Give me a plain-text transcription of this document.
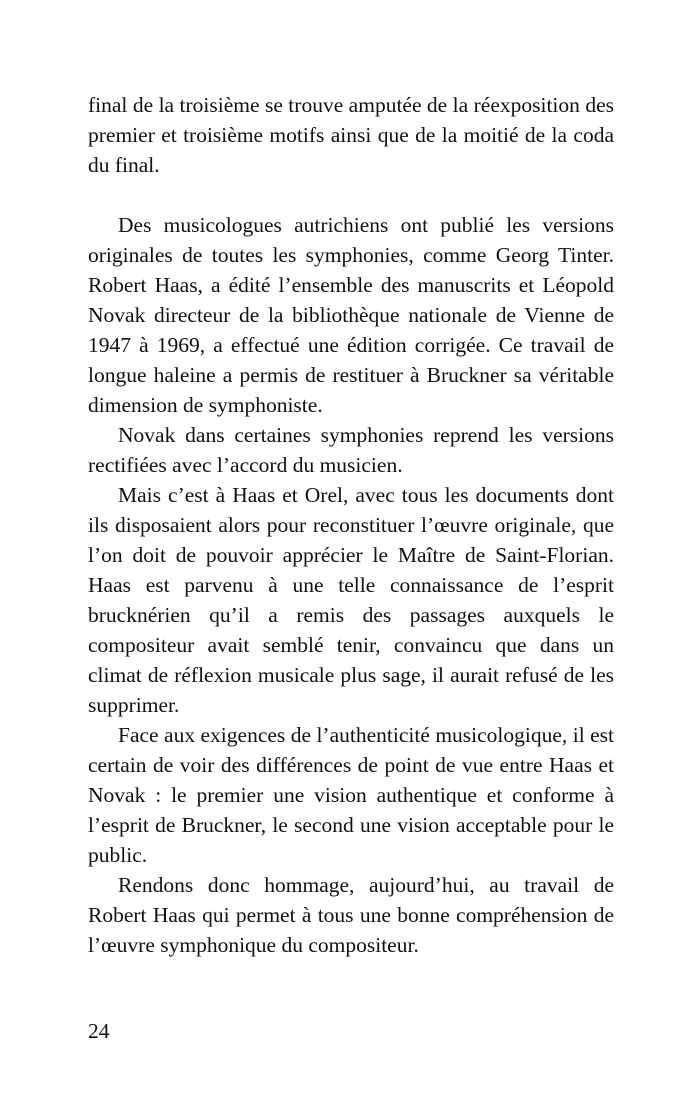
final de la troisième se trouve amputée de la réexposition des premier et troisième motifs ainsi que de la moitié de la coda du final.

Des musicologues autrichiens ont publié les versions originales de toutes les symphonies, comme Georg Tinter. Robert Haas, a édité l’ensemble des manuscrits et Léopold Novak directeur de la bibliothèque nationale de Vienne de 1947 à 1969, a effectué une édition corrigée. Ce travail de longue haleine a permis de restituer à Bruckner sa véritable dimension de symphoniste.

Novak dans certaines symphonies reprend les versions rectifiées avec l’accord du musicien.

Mais c’est à Haas et Orel, avec tous les documents dont ils disposaient alors pour reconstituer l’œuvre originale, que l’on doit de pouvoir apprécier le Maître de Saint-Florian. Haas est parvenu à une telle connaissance de l’esprit brucknérien qu’il a remis des passages auxquels le compositeur avait semblé tenir, convaincu que dans un climat de réflexion musicale plus sage, il aurait refusé de les supprimer.

Face aux exigences de l’authenticité musicologique, il est certain de voir des différences de point de vue entre Haas et Novak : le premier une vision authentique et conforme à l’esprit de Bruckner, le second une vision acceptable pour le public.

Rendons donc hommage, aujourd’hui, au travail de Robert Haas qui permet à tous une bonne compréhension de l’œuvre symphonique du compositeur.

24
